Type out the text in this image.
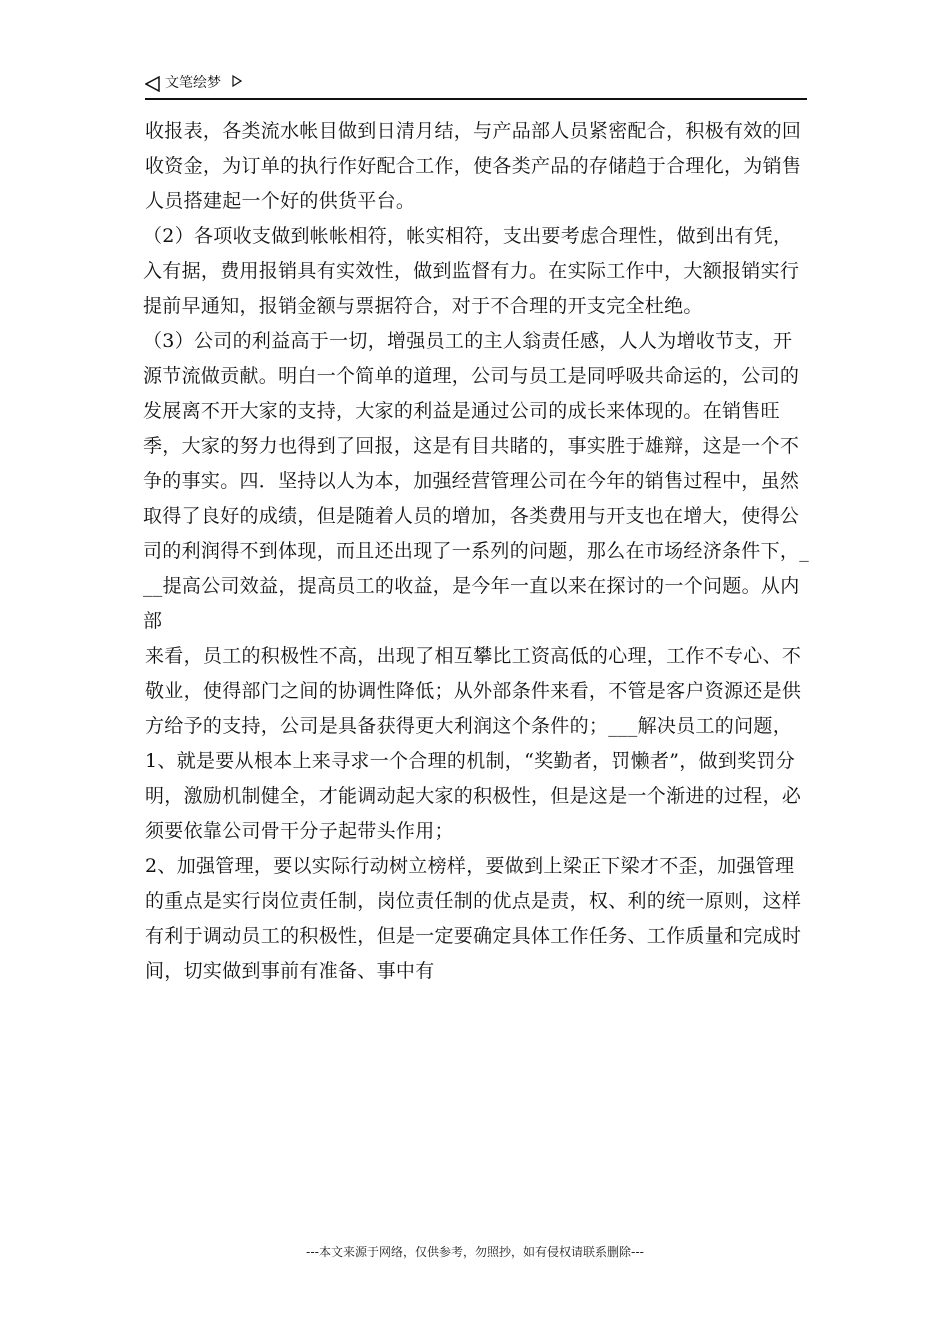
文笔绘梦

收报表，各类流水帐目做到日清月结，与产品部人员紧密配合，积极有效的回收资金，为订单的执行作好配合工作，使各类产品的存储趋于合理化，为销售人员搭建起一个好的供货平台。

（2）各项收支做到帐帐相符，帐实相符，支出要考虑合理性，做到出有凭，入有据，费用报销具有实效性，做到监督有力。在实际工作中，大额报销实行提前早通知，报销金额与票据符合，对于不合理的开支完全杜绝。

（3）公司的利益高于一切，增强员工的主人翁责任感，人人为增收节支，开源节流做贡献。明白一个简单的道理，公司与员工是同呼吸共命运的，公司的发展离不开大家的支持，大家的利益是通过公司的成长来体现的。在销售旺季，大家的努力也得到了回报，这是有目共睹的，事实胜于雄辩，这是一个不争的事实。四．坚持以人为本，加强经营管理公司在今年的销售过程中，虽然取得了良好的成绩，但是随着人员的增加，各类费用与开支也在增大，使得公司的利润得不到体现，而且还出现了一系列的问题，那么在市场经济条件下，___提高公司效益，提高员工的收益，是今年一直以来在探讨的一个问题。从内部

来看，员工的积极性不高，出现了相互攀比工资高低的心理，工作不专心、不敬业，使得部门之间的协调性降低；从外部条件来看，不管是客户资源还是供方给予的支持，公司是具备获得更大利润这个条件的；___解决员工的问题，

1、就是要从根本上来寻求一个合理的机制，“奖勤者，罚懒者”，做到奖罚分明，激励机制健全，才能调动起大家的积极性，但是这是一个渐进的过程，必须要依靠公司骨干分子起带头作用；

2、加强管理，要以实际行动树立榜样，要做到上梁正下梁才不歪，加强管理的重点是实行岗位责任制，岗位责任制的优点是责，权、利的统一原则，这样有利于调动员工的积极性，但是一定要确定具体工作任务、工作质量和完成时间，切实做到事前有准备、事中有

---本文来源于网络，仅供参考，勿照抄，如有侵权请联系删除---
